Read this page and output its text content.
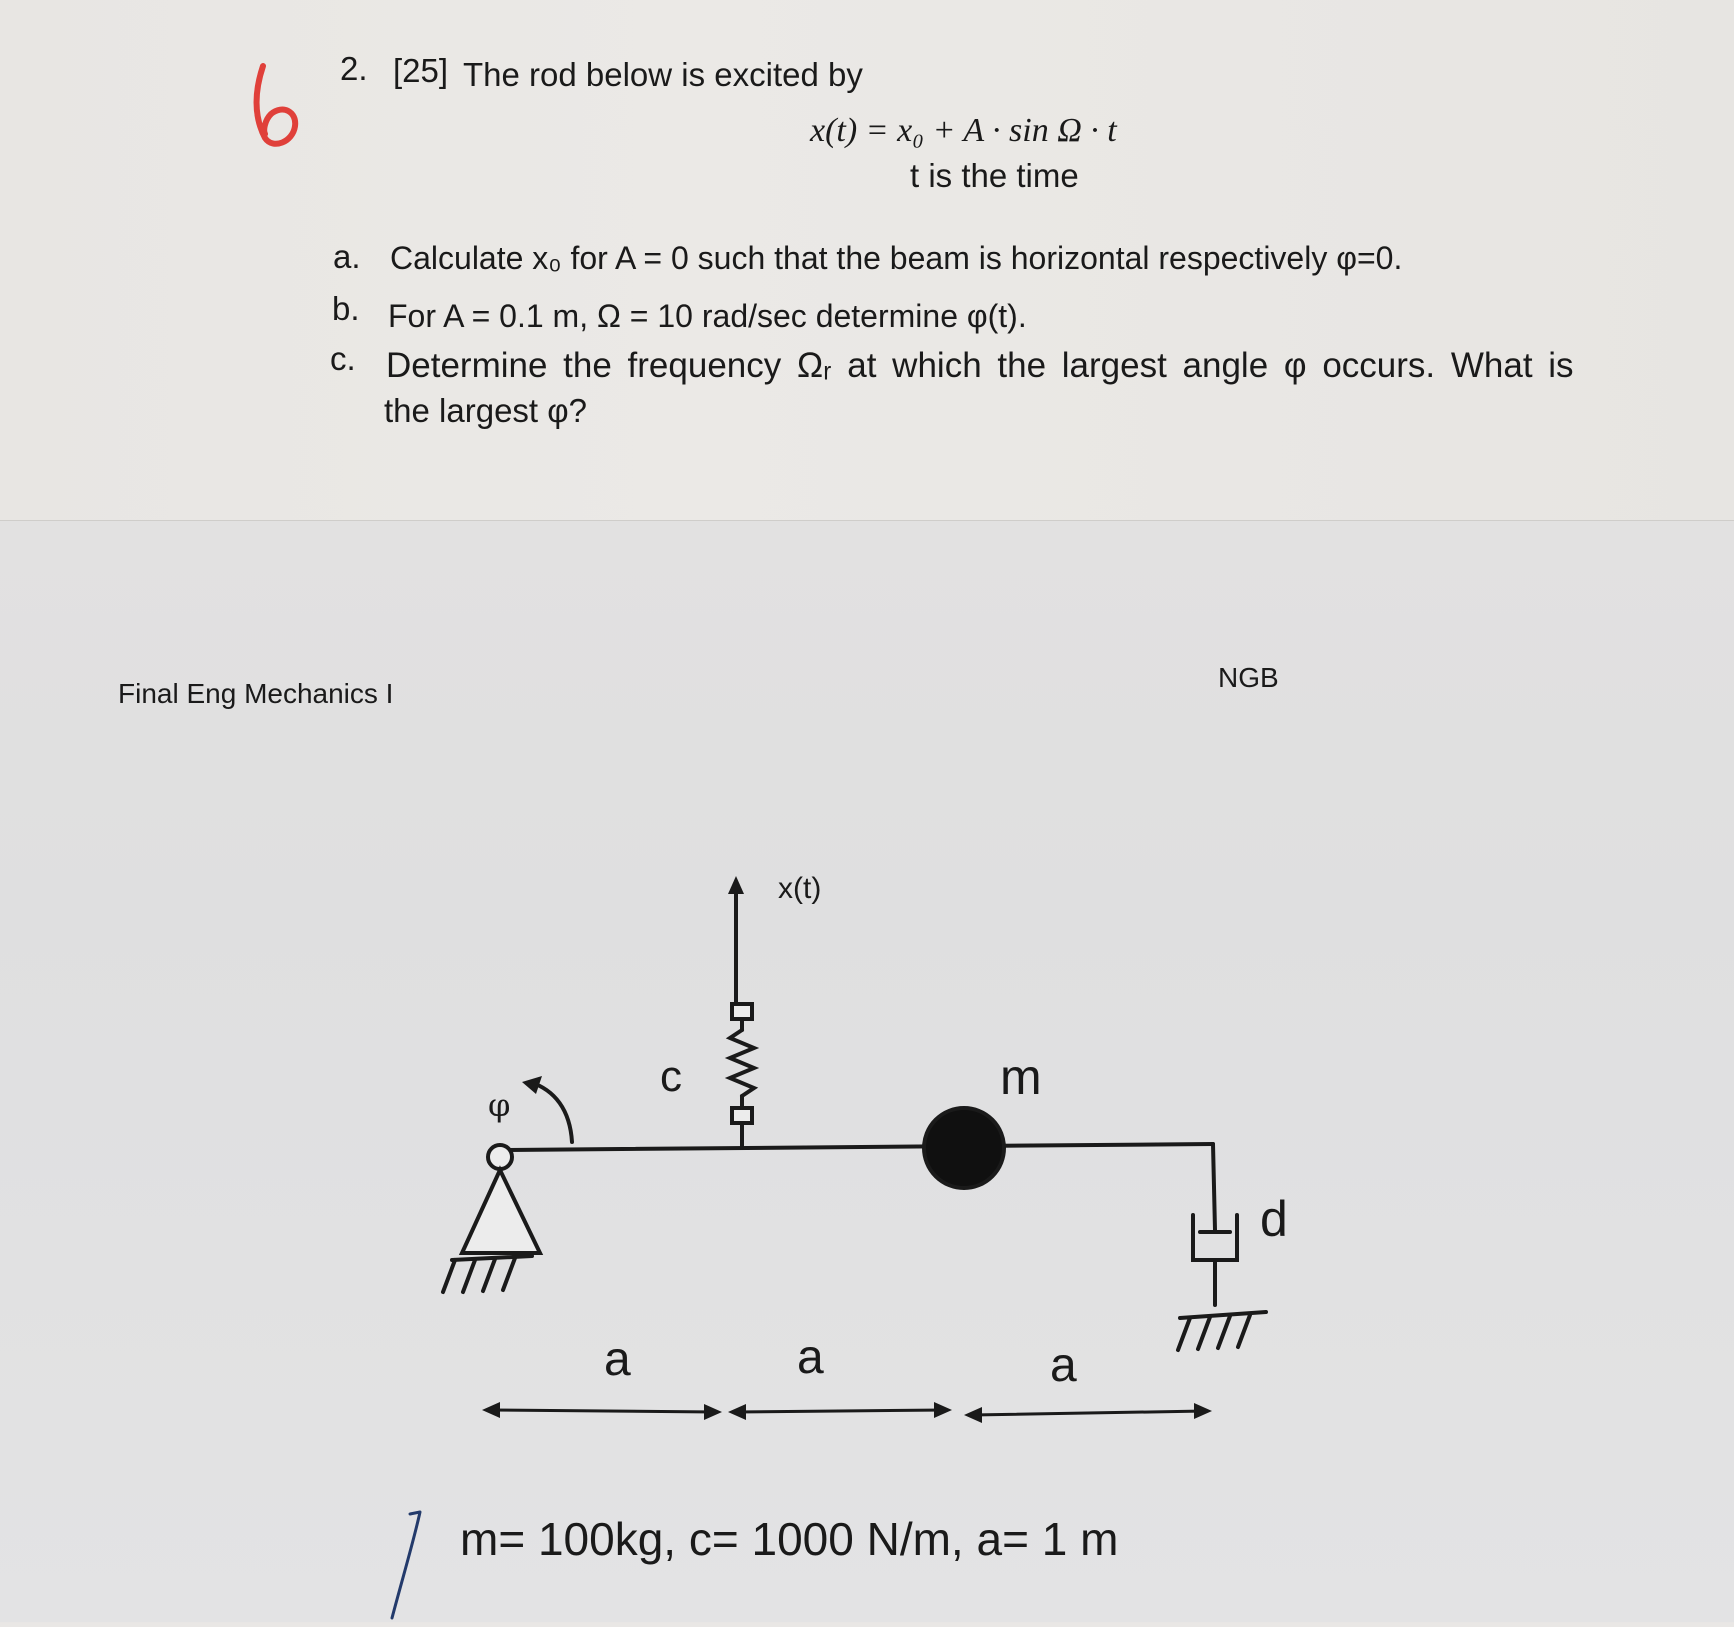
2. [25] The rod below is excited by
x(t) = x₀ + A · sin Ω · t
t is the time
a. Calculate x₀ for A = 0 such that the beam is horizontal respectively φ=0.
b. For A = 0.1 m, Ω = 10 rad/sec determine φ(t).
c. Determine the frequency Ωᵣ at which the largest angle φ occurs. What is
the largest φ?
Final Eng Mechanics I
NGB
φ
c
x(t)
m
d
a	a	a
m= 100kg, c= 1000 N/m, a= 1 m
